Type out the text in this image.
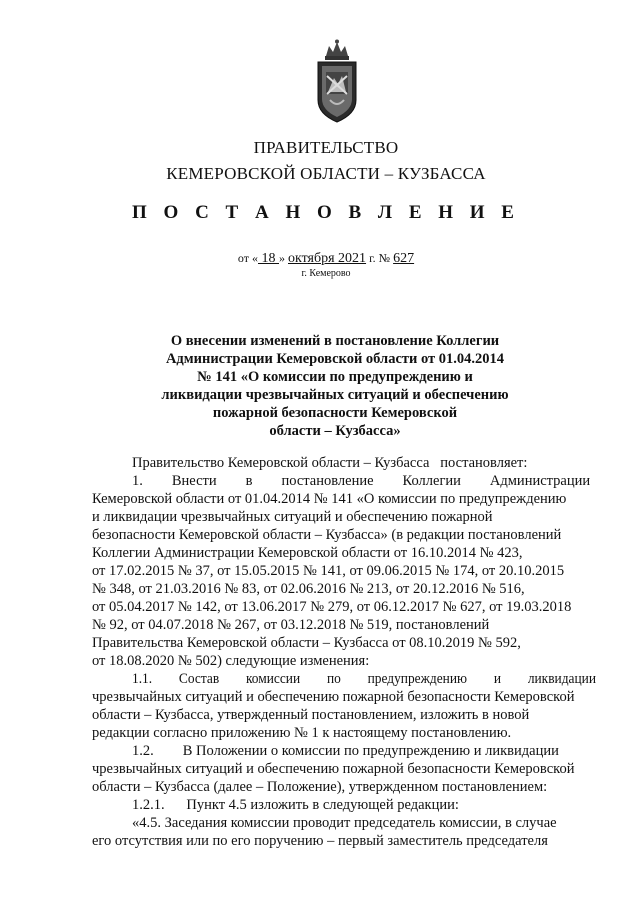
ПРАВИТЕЛЬСТВО
КЕМЕРОВСКОЙ ОБЛАСТИ – КУЗБАССА
П О С Т А Н О В Л Е Н И Е
от « 18 » октября 2021 г. № 627
г. Кемерово
О внесении изменений в постановление Коллегии
Администрации Кемеровской области от 01.04.2014
№ 141 «О комиссии по предупреждению и
ликвидации чрезвычайных ситуаций и обеспечению
пожарной безопасности Кемеровской
области – Кузбасса»
Правительство Кемеровской области – Кузбасса   постановляет:
1.        Внести        в        постановление        Коллегии        Администрации
Кемеровской области от 01.04.2014 № 141 «О комиссии по предупреждению
и ликвидации чрезвычайных ситуаций и обеспечению пожарной
безопасности Кемеровской области – Кузбасса» (в редакции постановлений
Коллегии Администрации Кемеровской области от 16.10.2014 № 423,
от 17.02.2015 № 37, от 15.05.2015 № 141, от 09.06.2015 № 174, от 20.10.2015
№ 348, от 21.03.2016 № 83, от 02.06.2016 № 213, от 20.12.2016 № 516,
от 05.04.2017 № 142, от 13.06.2017 № 279, от 06.12.2017 № 627, от 19.03.2018
№ 92, от 04.07.2018 № 267, от 03.12.2018 № 519, постановлений
Правительства Кемеровской области – Кузбасса от 08.10.2019 № 592,
от 18.08.2020 № 502) следующие изменения:
1.1.        Состав        комиссии        по        предупреждению        и        ликвидации
чрезвычайных ситуаций и обеспечению пожарной безопасности Кемеровской
области – Кузбасса, утвержденный постановлением, изложить в новой
редакции согласно приложению № 1 к настоящему постановлению.
1.2.        В Положении о комиссии по предупреждению и ликвидации
чрезвычайных ситуаций и обеспечению пожарной безопасности Кемеровской
области – Кузбасса (далее – Положение), утвержденном постановлением:
1.2.1.      Пункт 4.5 изложить в следующей редакции:
«4.5. Заседания комиссии проводит председатель комиссии, в случае
его отсутствия или по его поручению – первый заместитель председателя
